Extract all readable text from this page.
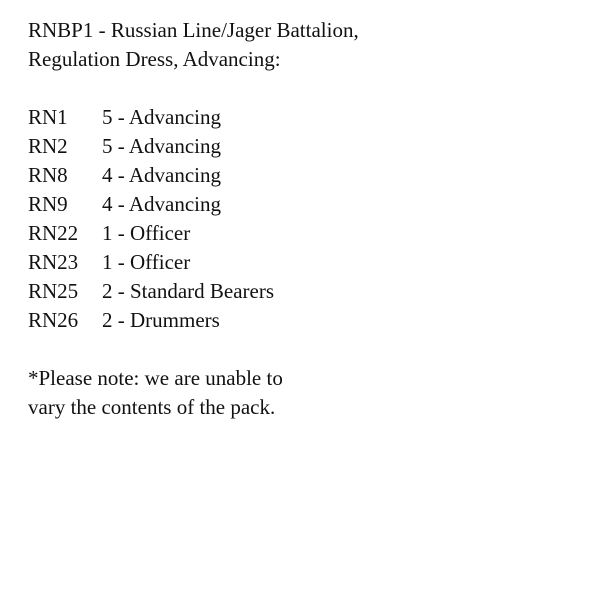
RNBP1 - Russian Line/Jager Battalion,
Regulation Dress, Advancing:
RN1	5 - Advancing
RN2	5 - Advancing
RN8	4 - Advancing
RN9	4 - Advancing
RN22	1 - Officer
RN23	1 - Officer
RN25	2 - Standard Bearers
RN26	2 - Drummers
*Please note: we are unable to
vary the contents of the pack.
